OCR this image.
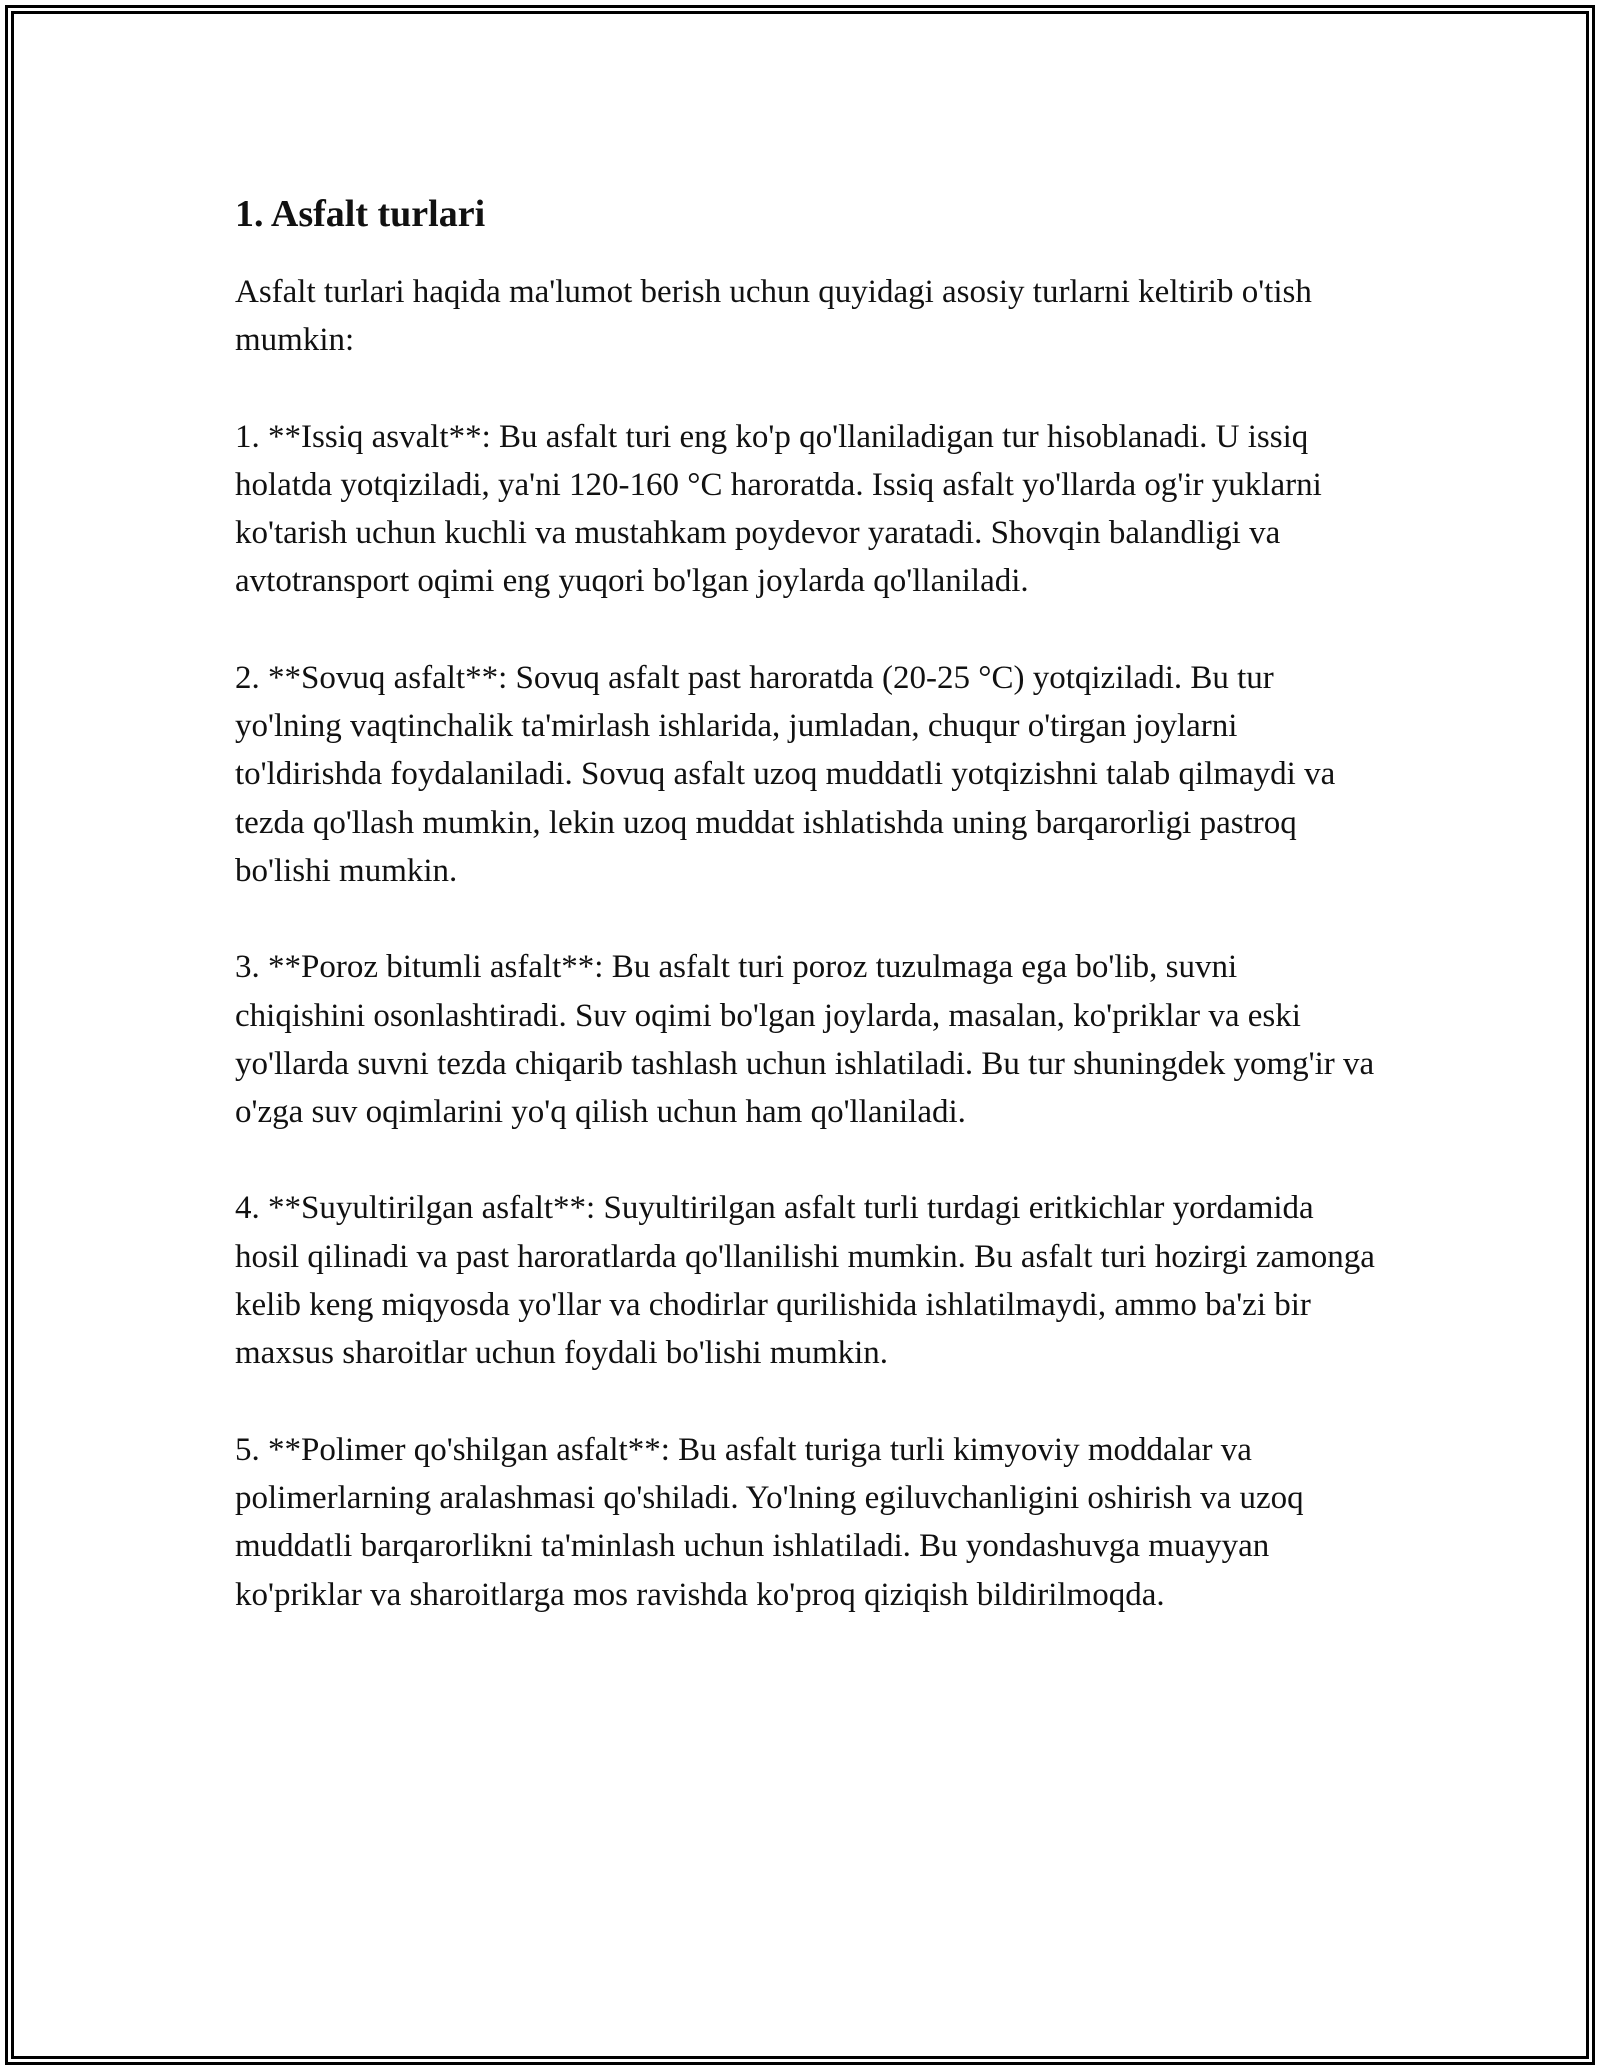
1. Asfalt turlari

Asfalt turlari haqida ma'lumot berish uchun quyidagi asosiy turlarni keltirib o'tish mumkin:

1. **Issiq asvalt**: Bu asfalt turi eng ko'p qo'llaniladigan tur hisoblanadi. U issiq holatda yotqiziladi, ya'ni 120-160 °C haroratda. Issiq asfalt yo'llarda og'ir yuklarni ko'tarish uchun kuchli va mustahkam poydevor yaratadi. Shovqin balandligi va avtotransport oqimi eng yuqori bo'lgan joylarda qo'llaniladi.

2. **Sovuq asfalt**: Sovuq asfalt past haroratda (20-25 °C) yotqiziladi. Bu tur yo'lning vaqtinchalik ta'mirlash ishlarida, jumladan, chuqur o'tirgan joylarni to'ldirishda foydalaniladi. Sovuq asfalt uzoq muddatli yotqizishni talab qilmaydi va tezda qo'llash mumkin, lekin uzoq muddat ishlatishda uning barqarorligi pastroq bo'lishi mumkin.

3. **Poroz bitumli asfalt**: Bu asfalt turi poroz tuzulmaga ega bo'lib, suvni chiqishini osonlashtiradi. Suv oqimi bo'lgan joylarda, masalan, ko'priklar va eski yo'llarda suvni tezda chiqarib tashlash uchun ishlatiladi. Bu tur shuningdek yomg'ir va o'zga suv oqimlarini yo'q qilish uchun ham qo'llaniladi.

4. **Suyultirilgan asfalt**: Suyultirilgan asfalt turli turdagi eritkichlar yordamida hosil qilinadi va past haroratlarda qo'llanilishi mumkin. Bu asfalt turi hozirgi zamonga kelib keng miqyosda yo'llar va chodirlar qurilishida ishlatilmaydi, ammo ba'zi bir maxsus sharoitlar uchun foydali bo'lishi mumkin.

5. **Polimer qo'shilgan asfalt**: Bu asfalt turiga turli kimyoviy moddalar va polimerlarning aralashmasi qo'shiladi. Yo'lning egiluvchanligini oshirish va uzoq muddatli barqarorlikni ta'minlash uchun ishlatiladi. Bu yondashuvga muayyan ko'priklar va sharoitlarga mos ravishda ko'proq qiziqish bildirilmoqda.
